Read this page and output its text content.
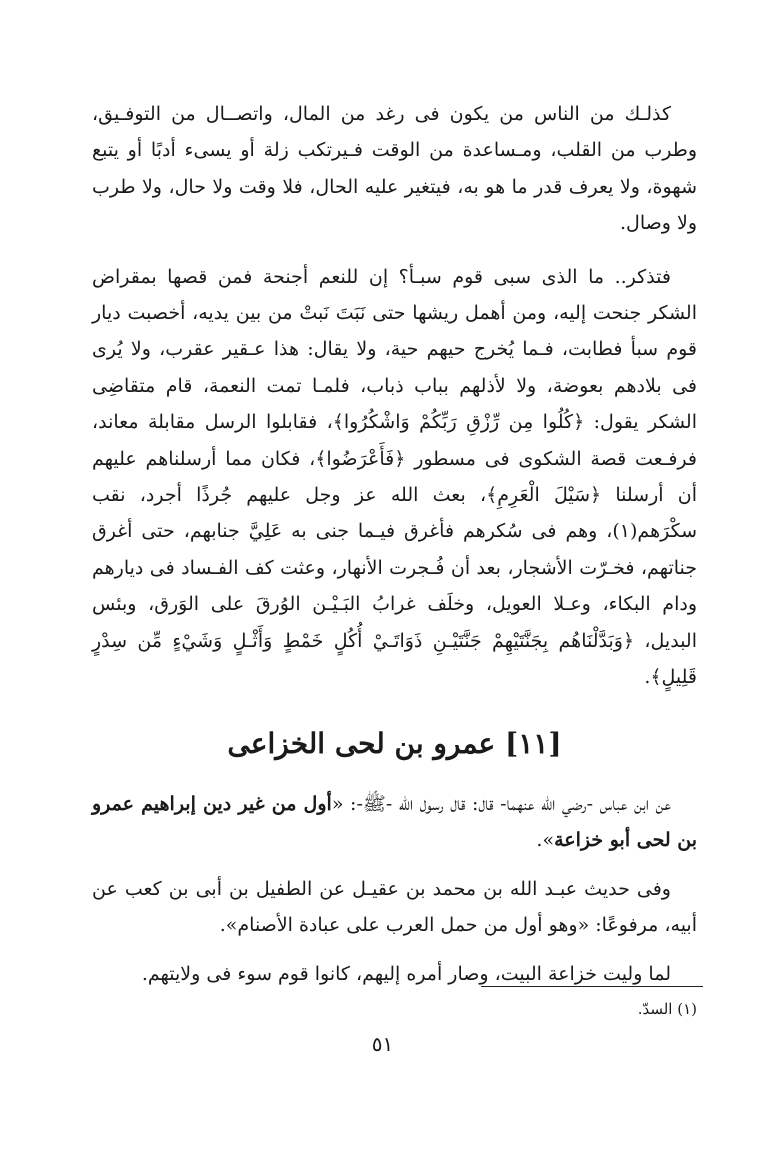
كذلـك من الناس من يكون فى رغد من المال، واتصــال من التوفـيق، وطرب من القلب، ومـساعدة من الوقت فـيرتكب زلة أو يسىء أدبًا أو يتبع شهوة، ولا يعرف قدر ما هو به، فيتغير عليه الحال، فلا وقت ولا حال، ولا طرب ولا وصال.

فتذكر.. ما الذى سبى قوم سبـأ؟ إن للنعم أجنحة فمن قصها بمقراض الشكر جنحت إليه، ومن أهمل ريشها حتى نَبَتَ نَبتْ من بين يديه، أخصبت ديار قوم سبأ فطابت، فـما يُخرج حيهم حية، ولا يقال: هذا عـقير عقرب، ولا يُرى فى بلادهم بعوضة، ولا لأذلهم بباب ذباب، فلمـا تمت النعمة، قام متقاضِى الشكر يقول: ﴿كُلُوا مِن رِّزْقِ رَبِّكُمْ وَاشْكُرُوا﴾، فقابلوا الرسل مقابلة معاند، فرفـعت قصة الشكوى فى مسطور ﴿فَأَعْرَضُوا﴾، فكان مما أرسلناهم عليهم أن أرسلنا ﴿سَيْلَ الْعَرِمِ﴾، بعث الله عز وجل عليهم جُرذًا أجرد، نقب سكْرَهم(١)، وهم فى سُكرهم فأغرق فيـما جنى به عَلِيَّ جنابهم، حتى أغرق جناتهم، فخـرّت الأشجار، بعد أن فُـجرت الأنهار، وعثت كف الفـساد فى ديارهم ودام البكاء، وعـلا العويل، وخلَف غرابُ البَـيْـن الوُرقَ على الوَرق، وبئس البديل، ﴿وَبَدَّلْنَاهُم بِجَنَّتَيْهِمْ جَنَّتَيْـنِ ذَوَاتَـيْ أُكُلٍ خَمْطٍ وَأَثْـلٍ وَشَيْءٍ مِّن سِدْرٍ قَلِيلٍ﴾.

[١١] عمرو بن لحى الخزاعى

عن ابن عباس -رضي الله عنهما- قال: قال رسول الله -ﷺ-: «أول من غير دين إبراهيم عمرو بن لحى أبو خزاعة».

وفى حديث عبـد الله بن محمد بن عقيـل عن الطفيل بن أبى بن كعب عن أبيه، مرفوعًا: «وهو أول من حمل العرب على عبادة الأصنام».

لما وليت خزاعة البيت، وصار أمره إليهم، كانوا قوم سوء فى ولايتهم.

(١) السدّ.
٥١
